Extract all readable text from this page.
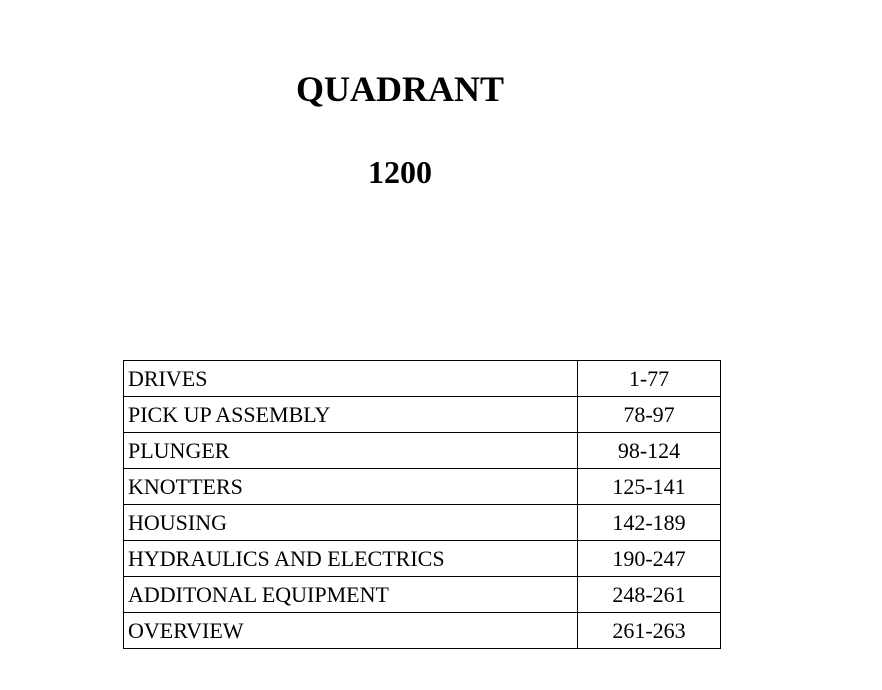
QUADRANT
1200
DRIVES	1-77
PICK UP ASSEMBLY	78-97
PLUNGER	98-124
KNOTTERS	125-141
HOUSING	142-189
HYDRAULICS AND ELECTRICS	190-247
ADDITONAL EQUIPMENT	248-261
OVERVIEW	261-263
